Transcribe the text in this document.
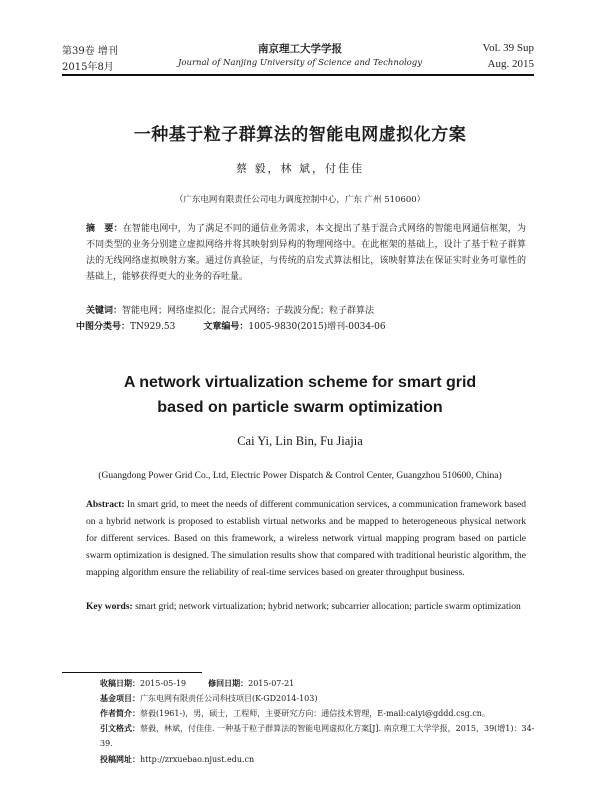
第39卷 增刊
2015年8月
南京理工大学学报
Journal of Nanjing University of Science and Technology
Vol. 39 Sup
Aug. 2015
一种基于粒子群算法的智能电网虚拟化方案
蔡 毅，林 斌，付佳佳
（广东电网有限责任公司电力调度控制中心，广东 广州 510600）
摘　要：在智能电网中，为了满足不同的通信业务需求，本文提出了基于混合式网络的智能电网通信框架，为不同类型的业务分别建立虚拟网络并将其映射到异构的物理网络中。在此框架的基础上，设计了基于粒子群算法的无线网络虚拟映射方案。通过仿真验证，与传统的启发式算法相比，该映射算法在保证实时业务可靠性的基础上，能够获得更大的业务的吞吐量。
关键词：智能电网；网络虚拟化；混合式网络；子载波分配；粒子群算法
中图分类号：TN929.53	文章编号：1005-9830(2015)增刊-0034-06
A network virtualization scheme for smart grid
based on particle swarm optimization
Cai Yi, Lin Bin, Fu Jiajia
(Guangdong Power Grid Co., Ltd, Electric Power Dispatch & Control Center, Guangzhou 510600, China)
Abstract: In smart grid, to meet the needs of different communication services, a communication framework based on a hybrid network is proposed to establish virtual networks and be mapped to heterogeneous physical network for different services. Based on this framework, a wireless network virtual mapping program based on particle swarm optimization is designed. The simulation results show that compared with traditional heuristic algorithm, the mapping algorithm ensure the reliability of real-time services based on greater throughput business.
Key words: smart grid; network virtualization; hybrid network; subcarrier allocation; particle swarm optimization
收稿日期：2015-05-19	修回日期：2015-07-21
基金项目：广东电网有限责任公司科技项目(K-GD2014-103)
作者简介：蔡毅(1961-)，男，硕士，工程师，主要研究方向：通信技术管理，E-mail:caiyi@gddd.csg.cn。
引文格式：蔡毅，林斌，付佳佳. 一种基于粒子群算法的智能电网虚拟化方案[J]. 南京理工大学学报，2015，39(增1)：34-39.
投稿网址：http://zrxuebao.njust.edu.cn
